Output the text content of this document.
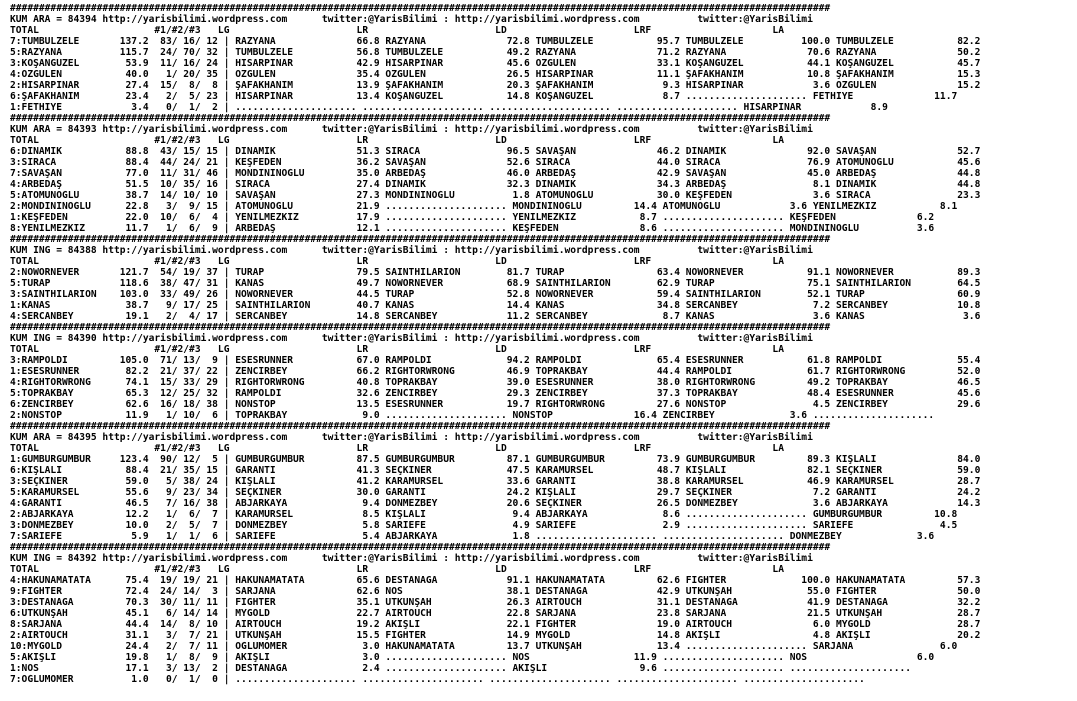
##############################################################################################################################################
KUM ARA = 84394 http://yarisbilimi.wordpress.com      twitter:@YarisBilimi : http://yarisbilimi.wordpress.com          twitter:@YarisBilimi
TOTAL                    #1/#2/#3   LG                      LR                      LD                      LRF                     LA
7:TUMBULZELE       137.2  83/ 16/ 12 | RAZYANA              66.8 RAZYANA              72.8 TUMBULZELE           95.7 TUMBULZELE          100.0 TUMBULZELE           82.2
5:RAZYANA          115.7  24/ 70/ 32 | TUMBULZELE           56.8 TUMBULZELE           49.2 RAZYANA              71.2 RAZYANA              70.6 RAZYANA              50.2
3:KOŞANGÜZEL        53.9  11/ 16/ 24 | HİSARPINAR           42.9 HİSARPINAR           45.6 ÖZGÜLEN              33.1 KOŞANGÜZEL           44.1 KOŞANGÜZEL           45.7
4:ÖZGÜLEN           40.0   1/ 20/ 35 | ÖZGÜLEN              35.4 ÖZGÜLEN              26.5 HİSARPINAR           11.1 ŞAFAKHANIM           10.8 ŞAFAKHANIM           15.3
2:HİSARPINAR        27.4  15/  8/  8 | ŞAFAKHANIM           13.9 ŞAFAKHANIM           20.3 ŞAFAKHANIM            9.3 HİSARPINAR            3.6 ÖZGÜLEN              15.2
6:ŞAFAKHANIM        23.4   2/  5/ 23 | HİSARPINAR           13.4 KOŞANGÜZEL           14.8 KOŞANGÜZEL            8.7 ..................... FETHİYE              11.7
1:FETHİYE            3.4   0/  1/  2 | ..................... ..................... ..................... ..................... HİSARPINAR            8.9
##############################################################################################################################################
KUM ARA = 84393 http://yarisbilimi.wordpress.com      twitter:@YarisBilimi : http://yarisbilimi.wordpress.com          twitter:@YarisBilimi
TOTAL                    #1/#2/#3   LG                      LR                      LD                      LRF                     LA
6:DİNAMİK           88.8  43/ 15/ 15 | DİNAMİK              51.3 SIRACA               96.5 SAVAŞAN              46.2 DİNAMİK              92.0 SAVAŞAN              52.7
3:SIRACA            88.4  44/ 24/ 21 | KEŞFEDEN             36.2 SAVAŞAN              52.6 SIRACA               44.0 SIRACA               76.9 ATOMUNOĞLU           45.6
7:SAVAŞAN           77.0  11/ 31/ 46 | MONDİNİNOĞLU         35.0 ARBEDAŞ              46.0 ARBEDAŞ              42.9 SAVAŞAN              45.0 ARBEDAŞ              44.8
4:ARBEDAŞ           51.5  10/ 35/ 16 | SIRACA               27.4 DİNAMİK              32.3 DİNAMİK              34.3 ARBEDAŞ               8.1 DİNAMİK              44.8
5:ATOMUNOĞLU        38.7  14/ 10/ 10 | SAVAŞAN              27.3 MONDİNİNOĞLU          1.8 ATOMUNOĞLU           30.0 KEŞFEDEN              3.6 SIRACA               23.3
2:MONDİNİNOĞLU      22.8   3/  9/ 15 | ATOMUNOĞLU           21.9 ..................... MONDİNİNOĞLU         14.4 ATOMUNOĞLU            3.6 YENİLMEZKIZ           8.1
1:KEŞFEDEN          22.0  10/  6/  4 | YENİLMEZKIZ          17.9 ..................... YENİLMEZKIZ           8.7 ..................... KEŞFEDEN              6.2
8:YENİLMEZKIZ       11.7   1/  6/  9 | ARBEDAŞ              12.1 ..................... KEŞFEDEN              8.6 ..................... MONDİNİNOĞLU          3.6
##############################################################################################################################################
KUM ING = 84388 http://yarisbilimi.wordpress.com      twitter:@YarisBilimi : http://yarisbilimi.wordpress.com          twitter:@YarisBilimi
TOTAL                    #1/#2/#3   LG                      LR                      LD                      LRF                     LA
2:NOWORNEVER       121.7  54/ 19/ 37 | TURAP                79.5 SAINTHILARION        81.7 TURAP                63.4 NOWORNEVER           91.1 NOWORNEVER           89.3
5:TURAP            118.6  38/ 47/ 31 | KANAS                49.7 NOWORNEVER           68.9 SAINTHILARION        62.9 TURAP                75.1 SAINTHILARION        64.5
3:SAINTHILARION    103.0  33/ 49/ 26 | NOWORNEVER           44.5 TURAP                52.8 NOWORNEVER           59.4 SAINTHILARION        52.1 TURAP                60.9
1:KANAS             38.7   9/ 17/ 25 | SAINTHILARION        40.7 KANAS                14.4 KANAS                34.8 SERCANBEY             7.2 SERCANBEY            10.8
4:SERCANBEY         19.1   2/  4/ 17 | SERCANBEY            14.8 SERCANBEY            11.2 SERCANBEY             8.7 KANAS                 3.6 KANAS                 3.6
##############################################################################################################################################
KUM ING = 84390 http://yarisbilimi.wordpress.com      twitter:@YarisBilimi : http://yarisbilimi.wordpress.com          twitter:@YarisBilimi
TOTAL                    #1/#2/#3   LG                      LR                      LD                      LRF                     LA
3:RAMPOLDI         105.0  71/ 13/  9 | ESESRUNNER           67.0 RAMPOLDI             94.2 RAMPOLDI             65.4 ESESRUNNER           61.8 RAMPOLDI             55.4
1:ESESRUNNER        82.2  21/ 37/ 22 | ZENCİRBEY            66.2 RIGHTORWRONG         46.9 TOPRAKBAY            44.4 RAMPOLDI             61.7 RIGHTORWRONG         52.0
4:RIGHTORWRONG      74.1  15/ 33/ 29 | RIGHTORWRONG         40.8 TOPRAKBAY            39.0 ESESRUNNER           38.0 RIGHTORWRONG         49.2 TOPRAKBAY            46.5
5:TOPRAKBAY         65.3  12/ 25/ 32 | RAMPOLDI             32.6 ZENCİRBEY            29.3 ZENCİRBEY            37.3 TOPRAKBAY            48.4 ESESRUNNER           45.6
6:ZENCİRBEY         62.6  16/ 18/ 38 | NONSTOP              13.5 ESESRUNNER           19.7 RIGHTORWRONG         27.6 NONSTOP               4.5 ZENCİRBEY            29.6
2:NONSTOP           11.9   1/ 10/  6 | TOPRAKBAY             9.0 ..................... NONSTOP              16.4 ZENCİRBEY             3.6 .....................
##############################################################################################################################################
KUM ARA = 84395 http://yarisbilimi.wordpress.com      twitter:@YarisBilimi : http://yarisbilimi.wordpress.com          twitter:@YarisBilimi
TOTAL                    #1/#2/#3   LG                      LR                      LD                      LRF                     LA
1:GÜMBÜRGÜMBÜR     123.4  90/ 12/  5 | GÜMBÜRGÜMBÜR         87.5 GÜMBÜRGÜMBÜR         87.1 GÜMBÜRGÜMBÜR         73.9 GÜMBÜRGÜMBÜR         89.3 KIŞLALI              84.0
6:KIŞLALI           88.4  21/ 35/ 15 | GARANTİ              41.3 SEÇKİNER             47.5 KARAMÜRSEL           48.7 KIŞLALI              82.1 SEÇKİNER             59.0
3:SEÇKİNER          59.0   5/ 38/ 24 | KIŞLALI              41.2 KARAMÜRSEL           33.6 GARANTİ              38.8 KARAMÜRSEL           46.9 KARAMÜRSEL           28.7
5:KARAMÜRSEL        55.6   9/ 23/ 34 | SEÇKİNER             30.0 GARANTİ              24.2 KIŞLALI              29.7 SEÇKİNER              7.2 GARANTİ              24.2
4:GARANTİ           46.5   7/ 16/ 38 | ABJARKAYA             9.4 DÖNMEZBEY            20.6 SEÇKİNER             26.5 DÖNMEZBEY             3.6 ABJARKAYA            14.3
2:ABJARKAYA         12.2   1/  6/  7 | KARAMÜRSEL            8.5 KIŞLALI               9.4 ABJARKAYA             8.6 ..................... GÜMBÜRGÜMBÜR         10.8
3:DÖNMEZBEY         10.0   2/  5/  7 | DÖNMEZBEY             5.8 SARİEFE               4.9 SARİEFE               2.9 ..................... SARİEFE               4.5
7:SARİEFE            5.9   1/  1/  6 | SARİEFE               5.4 ABJARKAYA             1.8 ..................... ..................... DÖNMEZBEY             3.6
##############################################################################################################################################
KUM ING = 84392 http://yarisbilimi.wordpress.com      twitter:@YarisBilimi : http://yarisbilimi.wordpress.com          twitter:@YarisBilimi
TOTAL                    #1/#2/#3   LG                      LR                      LD                      LRF                     LA
4:HAKUNAMATATA      75.4  19/ 19/ 21 | HAKUNAMATATA         65.6 DESTANAGA            91.1 HAKUNAMATATA         62.6 FIGHTER             100.0 HAKUNAMATATA         57.3
9:FIGHTER           72.4  24/ 14/  3 | SARJANA              62.6 NOS                  38.1 DESTANAGA            42.9 UTKUNŞAH             55.0 FIGHTER              50.0
3:DESTANAGA         70.3  30/ 11/ 11 | FIGHTER              35.1 UTKUNŞAH             26.3 AIRTOUCH             31.1 DESTANAGA            41.9 DESTANAGA            32.2
6:UTKUNŞAH          45.1   6/ 14/ 14 | MYGOLD               22.7 AIRTOUCH             22.8 SARJANA              23.8 SARJANA              21.5 UTKUNŞAH             28.7
8:SARJANA           44.4  14/  8/ 10 | AIRTOUCH             19.2 AKIŞLI               22.1 FIGHTER              19.0 AIRTOUCH              6.0 MYGOLD               28.7
2:AIRTOUCH          31.1   3/  7/ 21 | UTKUNŞAH             15.5 FIGHTER              14.9 MYGOLD               14.8 AKIŞLI                4.8 AKIŞLI               20.2
10:MYGOLD           24.4   2/  7/ 11 | OĞLUMÖMER             3.0 HAKUNAMATATA         13.7 UTKUNŞAH             13.4 ..................... SARJANA               6.0
5:AKIŞLI            19.8   1/  8/  9 | AKIŞLI                3.0 ..................... NOS                  11.9 ..................... NOS                   6.0
1:NOS               17.1   3/ 13/  2 | DESTANAGA             2.4 ..................... AKIŞLI                9.6 ..................... .....................
7:OĞLUMÖMER          1.0   0/  1/  0 | ..................... ..................... ..................... ..................... .....................
